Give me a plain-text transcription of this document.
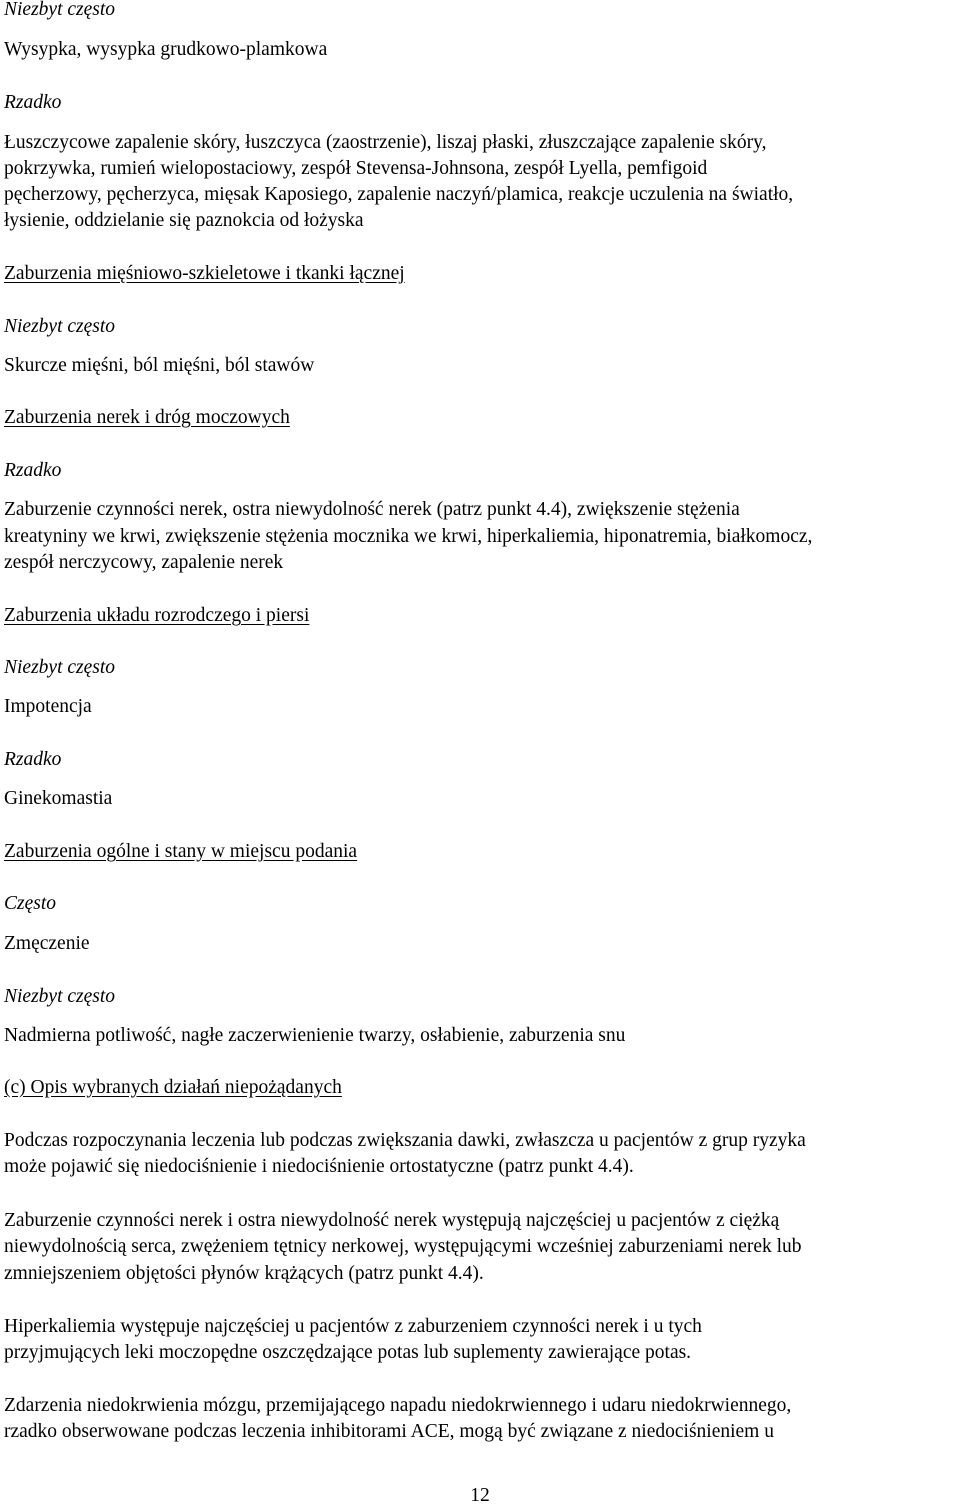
Niezbyt często
Wysypka, wysypka grudkowo-plamkowa
Rzadko
Łuszczycowe zapalenie skóry, łuszczyca (zaostrzenie), liszaj płaski, złuszczające zapalenie skóry,
pokrzywka, rumień wielopostaciowy, zespół Stevensa-Johnsona, zespół Lyella, pemfigoid
pęcherzowy, pęcherzyca, mięsak Kaposiego, zapalenie naczyń/plamica, reakcje uczulenia na światło,
łysienie, oddzielanie się paznokcia od łożyska
Zaburzenia mięśniowo-szkieletowe i tkanki łącznej
Niezbyt często
Skurcze mięśni, ból mięśni, ból stawów
Zaburzenia nerek i dróg moczowych
Rzadko
Zaburzenie czynności nerek, ostra niewydolność nerek (patrz punkt 4.4), zwiększenie stężenia
kreatyniny we krwi, zwiększenie stężenia mocznika we krwi, hiperkaliemia, hiponatremia, białkomocz,
zespół nerczycowy, zapalenie nerek
Zaburzenia układu rozrodczego i piersi
Niezbyt często
Impotencja
Rzadko
Ginekomastia
Zaburzenia ogólne i stany w miejscu podania
Często
Zmęczenie
Niezbyt często
Nadmierna potliwość, nagłe zaczerwienienie twarzy, osłabienie, zaburzenia snu
(c) Opis wybranych działań niepożądanych
Podczas rozpoczynania leczenia lub podczas zwiększania dawki, zwłaszcza u pacjentów z grup ryzyka
może pojawić się niedociśnienie i niedociśnienie ortostatyczne (patrz punkt 4.4).
Zaburzenie czynności nerek i ostra niewydolność nerek występują najczęściej u pacjentów z ciężką
niewydolnością serca, zwężeniem tętnicy nerkowej, występującymi wcześniej zaburzeniami nerek lub
zmniejszeniem objętości płynów krążących (patrz punkt 4.4).
Hiperkaliemia występuje najczęściej u pacjentów z zaburzeniem czynności nerek i u tych
przyjmujących leki moczopędne oszczędzające potas lub suplementy zawierające potas.
Zdarzenia niedokrwienia mózgu, przemijającego napadu niedokrwiennego i udaru niedokrwiennego,
rzadko obserwowane podczas leczenia inhibitorami ACE, mogą być związane z niedociśnieniem u
12
